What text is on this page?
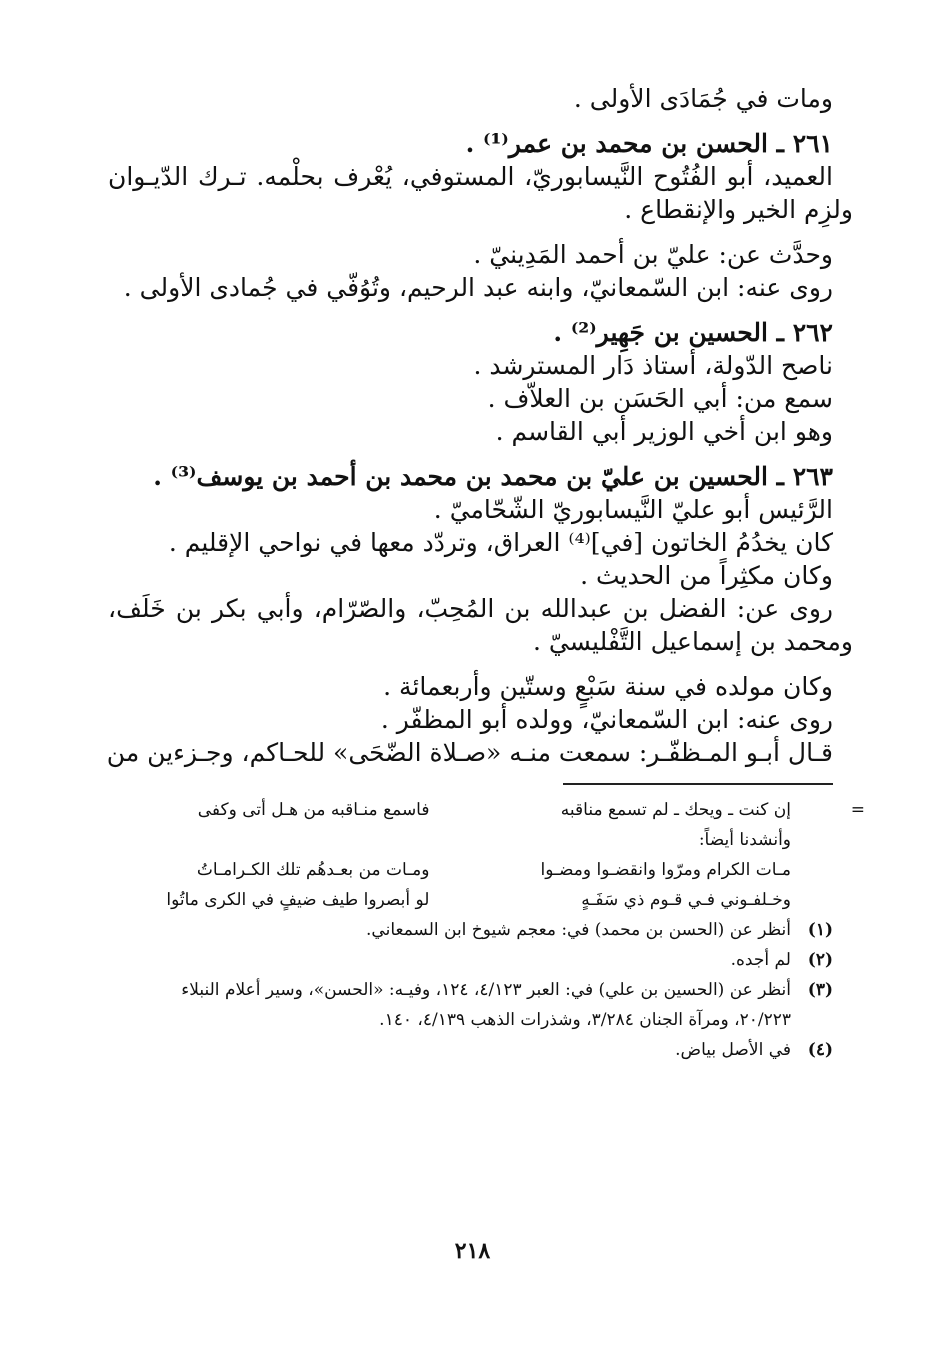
ومات في جُمَادَى الأولى .
٢٦١ ـ الحسن بن محمد بن عمر⁽¹⁾ .
العميد، أبو الفُتُوح النَّيسابوريّ، المستوفي، يُعْرف بحلْمه. تـرك الدّيـوان
ولزِم الخير والإنقطاع .
وحدَّث عن: عليّ بن أحمد المَدِينيّ .
روى عنه: ابن السّمعانيّ، وابنه عبد الرحيم، وتُوُفّي في جُمادى الأولى .
٢٦٢ ـ الحسين بن جَهِير⁽²⁾ .
ناصح الدّولة، أستاذ دَار المسترشد .
سمع من: أبي الحَسَن بن العلاّف .
وهو ابن أخي الوزير أبي القاسم .
٢٦٣ ـ الحسين بن عليّ بن محمد بن محمد بن أحمد بن يوسف⁽³⁾ .
الرَّئيس أبو عليّ النَّيسابوريّ الشّحّاميّ .
كان يخدُمُ الخاتون [في]⁽⁴⁾ العراق، وتردّد معها في نواحي الإقليم .
وكان مكثِراً من الحديث .
روى عن: الفضل بن عبدالله بن المُحِبّ، والصّرّام، وأبي بكر بن خَلَف،
ومحمد بن إسماعيل التَّفْليسيّ .
وكان مولده في سنة سَبْعٍ وستّين وأربعمائة .
روى عنه: ابن السّمعانيّ، وولده أبو المظفّر .
قـال أبـو المـظفّـر: سمعت منـه «صـلاة الضّحَى» للحـاكم، وجـزءين من
=
إن كنت ـ ويحك ـ لم تسمع مناقبه
فاسمع منـاقبه من هـل أتى وكفى
وأنشدنا أيضاً:
مـات الكرام ومرّوا وانقضـوا ومضـوا
ومـات من بعـدهُم تلك الكـرامـاتُ
وخـلفـوني فـي قـوم ذي سَفَـهٍ
لو أبصروا طيف ضيفٍ في الكرى ماتُوا
(١)أنظر عن (الحسن بن محمد) في: معجم شيوخ ابن السمعاني.
(٢)لم أجده.
(٣)أنظر عن (الحسين بن علي) في: العبر ٤/١٢٣، ١٢٤، وفيـه: «الحسن»، وسير أعلام النبلاء
٢٠/٢٢٣، ومرآة الجنان ٣/٢٨٤، وشذرات الذهب ٤/١٣٩، ١٤٠.
(٤)في الأصل بياض.
٢١٨
